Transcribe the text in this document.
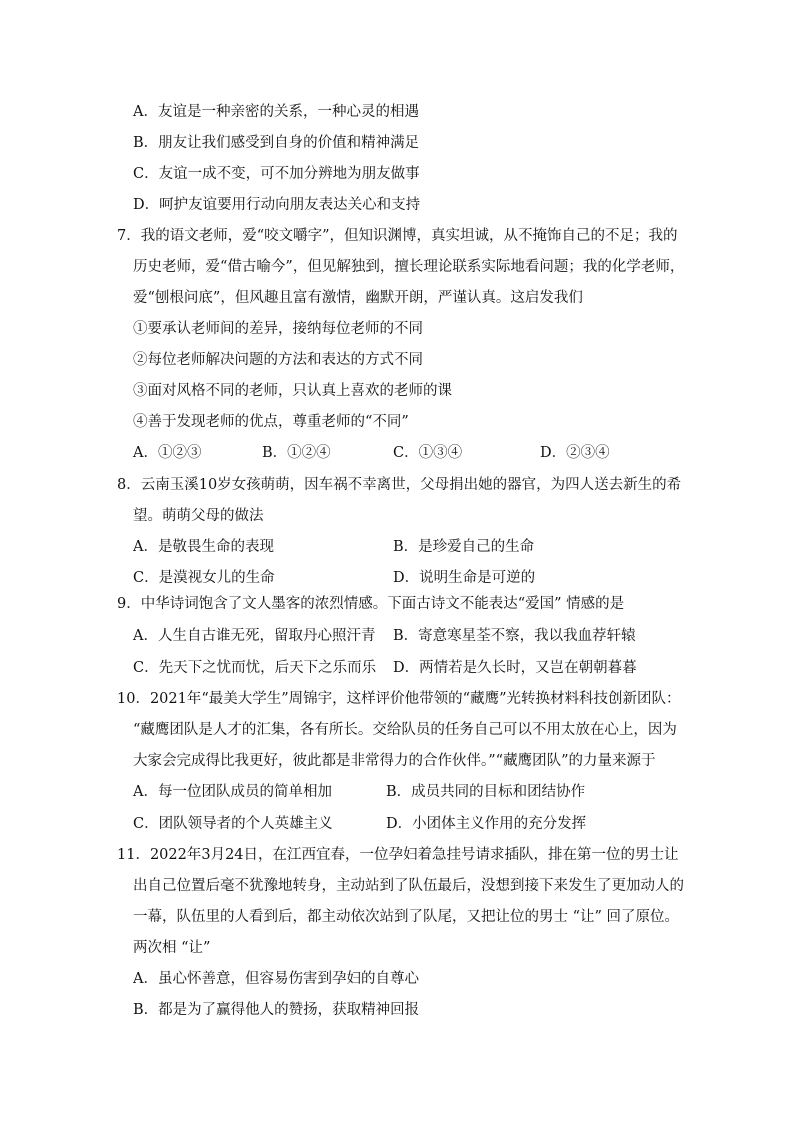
A．友谊是一种亲密的关系，一种心灵的相遇
B．朋友让我们感受到自身的价值和精神满足
C．友谊一成不变，可不加分辨地为朋友做事
D．呵护友谊要用行动向朋友表达关心和支持
7．我的语文老师，爱“咬文嚼字”，但知识渊博，真实坦诚，从不掩饰自己的不足；我的
历史老师，爱“借古喻今”，但见解独到，擅长理论联系实际地看问题；我的化学老师，
爱“刨根问底”，但风趣且富有激情，幽默开朗，严谨认真。这启发我们
①要承认老师间的差异，接纳每位老师的不同
②每位老师解决问题的方法和表达的方式不同
③面对风格不同的老师，只认真上喜欢的老师的课
④善于发现老师的优点，尊重老师的“不同”
A．①②③	B．①②④	C．①③④	D．②③④
8．云南玉溪10岁女孩萌萌，因车祸不幸离世，父母捐出她的器官，为四人送去新生的希
望。萌萌父母的做法
A．是敬畏生命的表现	B．是珍爱自己的生命
C．是漠视女儿的生命	D．说明生命是可逆的
9．中华诗词饱含了文人墨客的浓烈情感。下面古诗文不能表达“爱国” 情感的是
A．人生自古谁无死，留取丹心照汗青 B．寄意寒星荃不察，我以我血荐轩辕
C．先天下之忧而忧，后天下之乐而乐 D．两情若是久长时，又岂在朝朝暮暮
10．2021年“最美大学生”周锦宇，这样评价他带领的“藏鹰”光转换材料科技创新团队：
“藏鹰团队是人才的汇集，各有所长。交给队员的任务自己可以不用太放在心上，因为
大家会完成得比我更好，彼此都是非常得力的合作伙伴。”“藏鹰团队”的力量来源于
A．每一位团队成员的简单相加	B．成员共同的目标和团结协作
C．团队领导者的个人英雄主义	D．小团体主义作用的充分发挥
11．2022年3月24日，在江西宜春，一位孕妇着急挂号请求插队，排在第一位的男士让
出自己位置后毫不犹豫地转身，主动站到了队伍最后，没想到接下来发生了更加动人的
一幕，队伍里的人看到后，都主动依次站到了队尾，又把让位的男士 “让” 回了原位。
两次相 “让”
A．虽心怀善意，但容易伤害到孕妇的自尊心
B．都是为了赢得他人的赞扬，获取精神回报
